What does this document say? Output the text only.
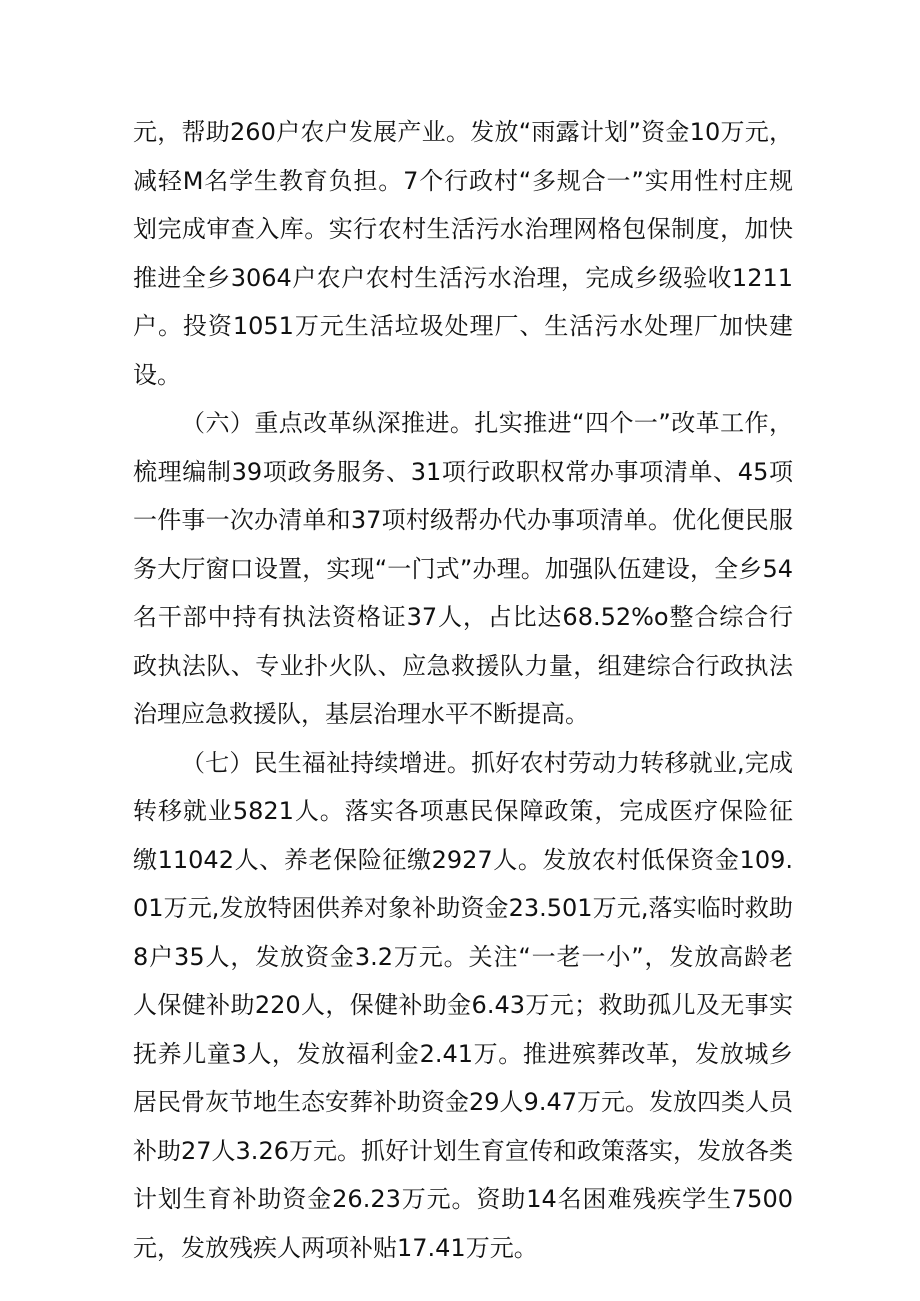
元，帮助260户农户发展产业。发放“雨露计划”资金10万元，减轻M名学生教育负担。7个行政村“多规合一”实用性村庄规划完成审查入库。实行农村生活污水治理网格包保制度，加快推进全乡3064户农户农村生活污水治理，完成乡级验收1211户。投资1051万元生活垃圾处理厂、生活污水处理厂加快建设。

（六）重点改革纵深推进。扎实推进“四个一”改革工作，梳理编制39项政务服务、31项行政职权常办事项清单、45项一件事一次办清单和37项村级帮办代办事项清单。优化便民服务大厅窗口设置，实现“一门式”办理。加强队伍建设，全乡54名干部中持有执法资格证37人，占比达68.52%o整合综合行政执法队、专业扑火队、应急救援队力量，组建综合行政执法治理应急救援队，基层治理水平不断提高。

（七）民生福祉持续增进。抓好农村劳动力转移就业,完成转移就业5821人。落实各项惠民保障政策，完成医疗保险征缴11042人、养老保险征缴2927人。发放农村低保资金109.01万元,发放特困供养对象补助资金23.501万元,落实临时救助8户35人，发放资金3.2万元。关注“一老一小”，发放高龄老人保健补助220人，保健补助金6.43万元；救助孤儿及无事实抚养儿童3人，发放福利金2.41万。推进殡葬改革，发放城乡居民骨灰节地生态安葬补助资金29人9.47万元。发放四类人员补助27人3.26万元。抓好计划生育宣传和政策落实，发放各类计划生育补助资金26.23万元。资助14名困难残疾学生7500元，发放残疾人两项补贴17.41万元。
